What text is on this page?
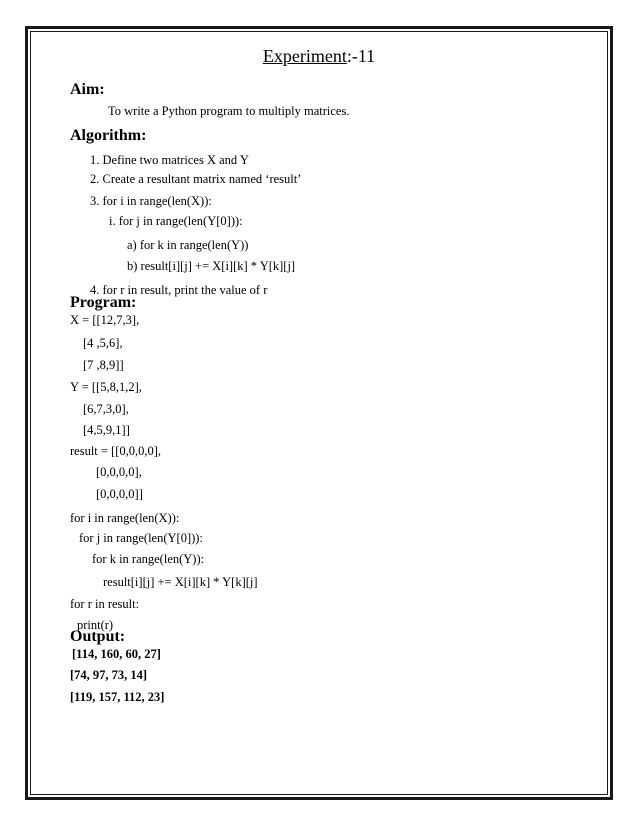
Experiment:-11
Aim:
To write a Python program to multiply matrices.
Algorithm:
1. Define two matrices X and Y
2. Create a resultant matrix named ‘result’
3. for i in range(len(X)):
i. for j in range(len(Y[0])):
a) for k in range(len(Y))
b) result[i][j] += X[i][k] * Y[k][j]
4. for r in result, print the value of r
Program:
X = [[12,7,3],
[4 ,5,6],
[7 ,8,9]]
Y = [[5,8,1,2],
[6,7,3,0],
[4,5,9,1]]
result = [[0,0,0,0],
[0,0,0,0],
[0,0,0,0]]
for i in range(len(X)):
for j in range(len(Y[0])):
for k in range(len(Y)):
result[i][j] += X[i][k] * Y[k][j]
for r in result:
print(r)
Output:
[114, 160, 60, 27]
[74, 97, 73, 14]
[119, 157, 112, 23]
